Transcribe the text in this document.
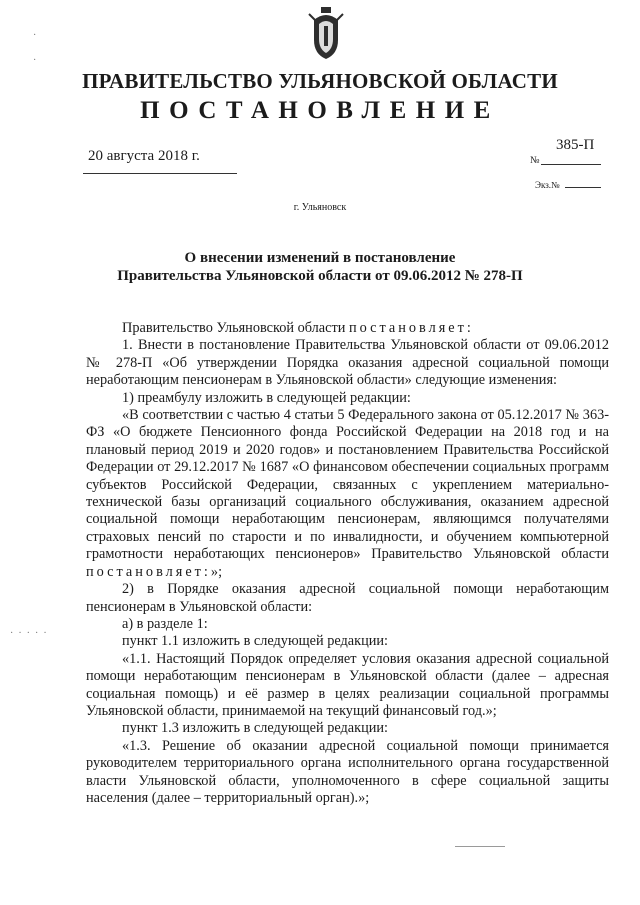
·
·
·····
ПРАВИТЕЛЬСТВО УЛЬЯНОВСКОЙ ОБЛАСТИ
ПОСТАНОВЛЕНИЕ
20 августа 2018 г.	№
385-П
Экз.№
г. Ульяновск
О внесении изменений в постановление
Правительства Ульяновской области от 09.06.2012 № 278-П

Правительство Ульяновской области постановляет:

1. Внести в постановление Правительства Ульяновской области от 09.06.2012 № 278-П «Об утверждении Порядка оказания адресной социальной помощи неработающим пенсионерам в Ульяновской области» следующие изменения:

1) преамбулу изложить в следующей редакции:

«В соответствии с частью 4 статьи 5 Федерального закона от 05.12.2017 № 363-ФЗ «О бюджете Пенсионного фонда Российской Федерации на 2018 год и на плановый период 2019 и 2020 годов» и постановлением Правительства Российской Федерации от 29.12.2017 № 1687 «О финансовом обеспечении социальных программ субъектов Российской Федерации, связанных с укреплением материально-технической базы организаций социального обслуживания, оказанием адресной социальной помощи неработающим пенсионерам, являющимся получателями страховых пенсий по старости и по инвалидности, и обучением компьютерной грамотности неработающих пенсионеров» Правительство Ульяновской области постановляет:»;

2) в Порядке оказания адресной социальной помощи неработающим пенсионерам в Ульяновской области:

а) в разделе 1:

пункт 1.1 изложить в следующей редакции:

«1.1. Настоящий Порядок определяет условия оказания адресной социальной помощи неработающим пенсионерам в Ульяновской области (далее – адресная социальная помощь) и её размер в целях реализации социальной программы Ульяновской области, принимаемой на текущий финансовый год.»;

пункт 1.3 изложить в следующей редакции:

«1.3. Решение об оказании адресной социальной помощи принимается руководителем территориального органа исполнительного органа государственной власти Ульяновской области, уполномоченного в сфере социальной защиты населения (далее – территориальный орган).»;
